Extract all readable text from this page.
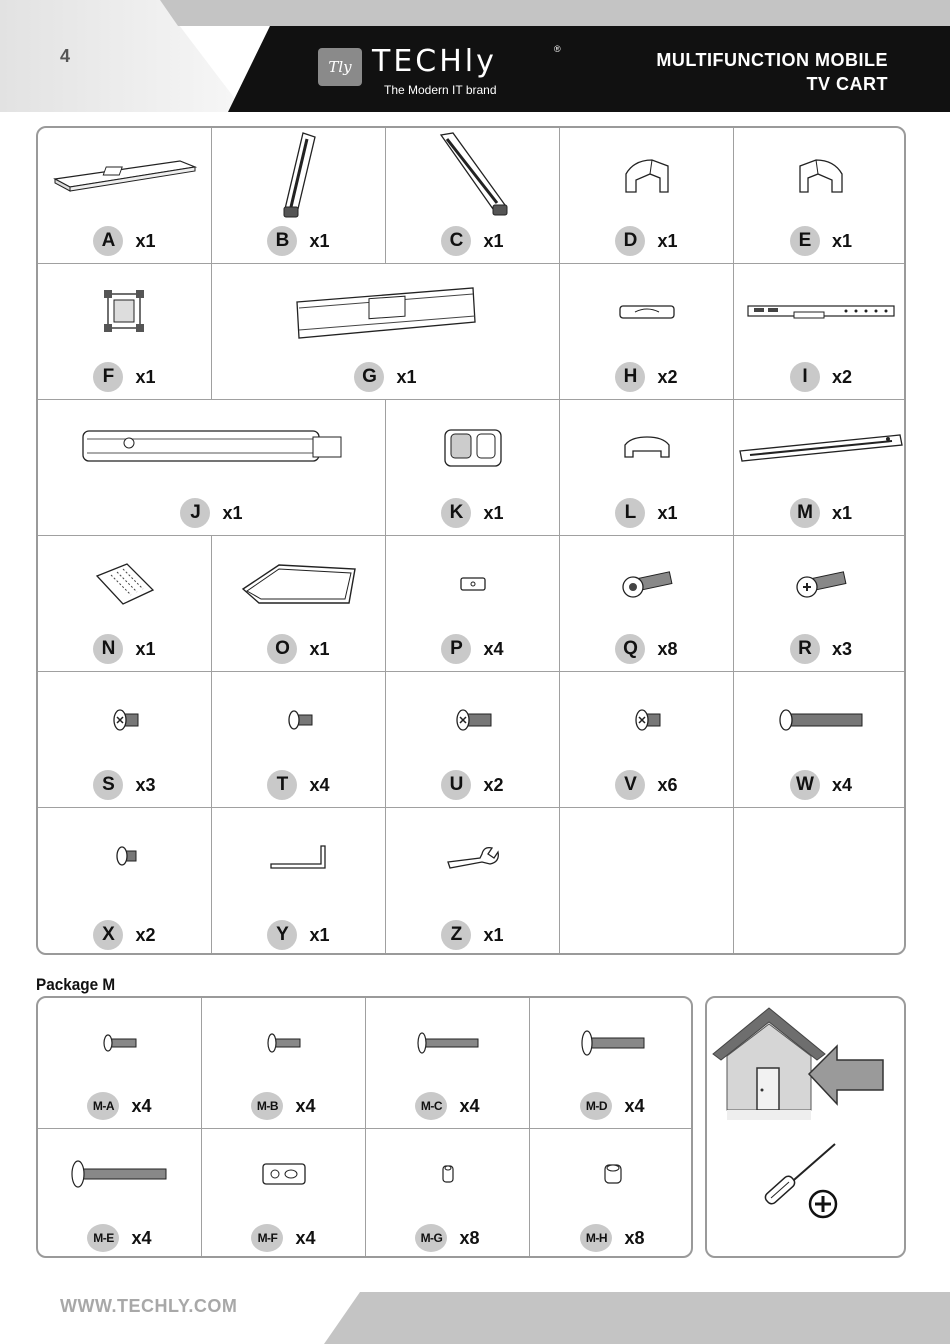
4
Tly TECHly	®
The Modern IT brand
MULTIFUNCTION MOBILE
TV CART
A	x1	B	x1	C	x1	D	x1	E	x1
F	x1	G	x1	H	x2	I	x2
J	x1	K	x1	L	x1	M	x1
N	x1	O	x1	P	x4	Q	x8	R	x3
S	x3	T	x4	U	x2	V	x6	W	x4
X	x2	Y	x1	Z	x1
Package M
M-A x4	M-B x4	M-C x4	M-D x4
M-E x4	M-F	x4	M-G x8	M-H x8
WWW.TECHLY.COM
